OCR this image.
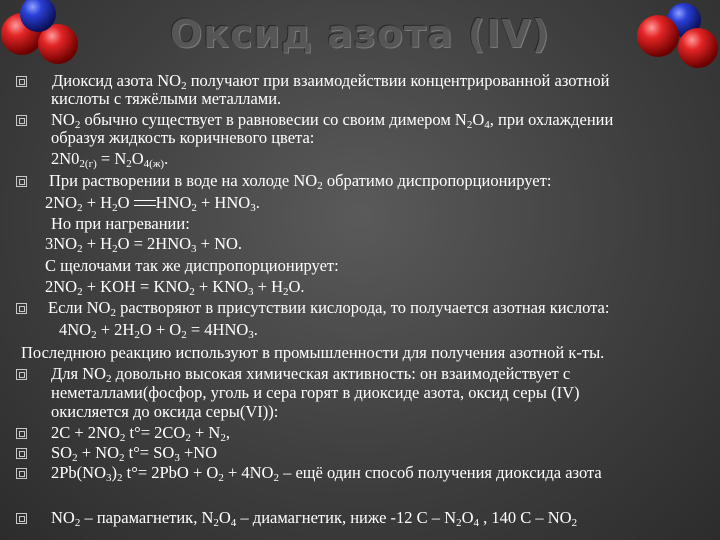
Оксид азота (IV)
Диоксид азота $NO_2$ получают при взаимодействии концентрированной азотной
кислоты с тяжёлыми металлами.
$NO_2$ обычно существует в равновесии со своим димером $N_2O_4$, при охлаждении
образуя жидкость коричневого цвета:
$2N0_{2(г)} = N_2O_{4(ж)}$.
При растворении в воде на холоде $NO_2$ обратимо диспропорционирует:
$2NO_2 + H_2O$ $HNO_2 + HNO_3$.
Но при нагревании:
$3NO_2 + H_2O = 2HNO_3$ + NO.
С щелочами так же диспропорционирует:
$2NO_2$ + KOH = $KNO_2 + KNO_3 + H_2O$.
Если $NO_2$ растворяют в присутствии кислорода, то получается азотная кислота:
$4NO_2 + 2H_2O + O_2 = 4HNO_3$.
Последнюю реакцию используют в промышленности для получения азотной к-ты.
Для $NO_2$ довольно высокая химическая активность: он взаимодействует с
неметаллами(фосфор, уголь и сера горят в диоксиде азота, оксид серы (IV)
окисляется до оксида серы(VI)):
$2C + 2NO_2$ $t^\circ= 2CO_2 + N_2$,
$SO_2 + NO_2$ $t^\circ= SO_3 +NO$
$2Pb(NO_3)_2$ $t^\circ= 2PbO + O_2 + 4NO_2$ – ещё один способ получения диоксида азота
$NO_2$ – парамагнетик, $N_2O_4$ – диамагнетик, ниже -12 С – $N_2O_4$ , 140 С – $NO_2$
